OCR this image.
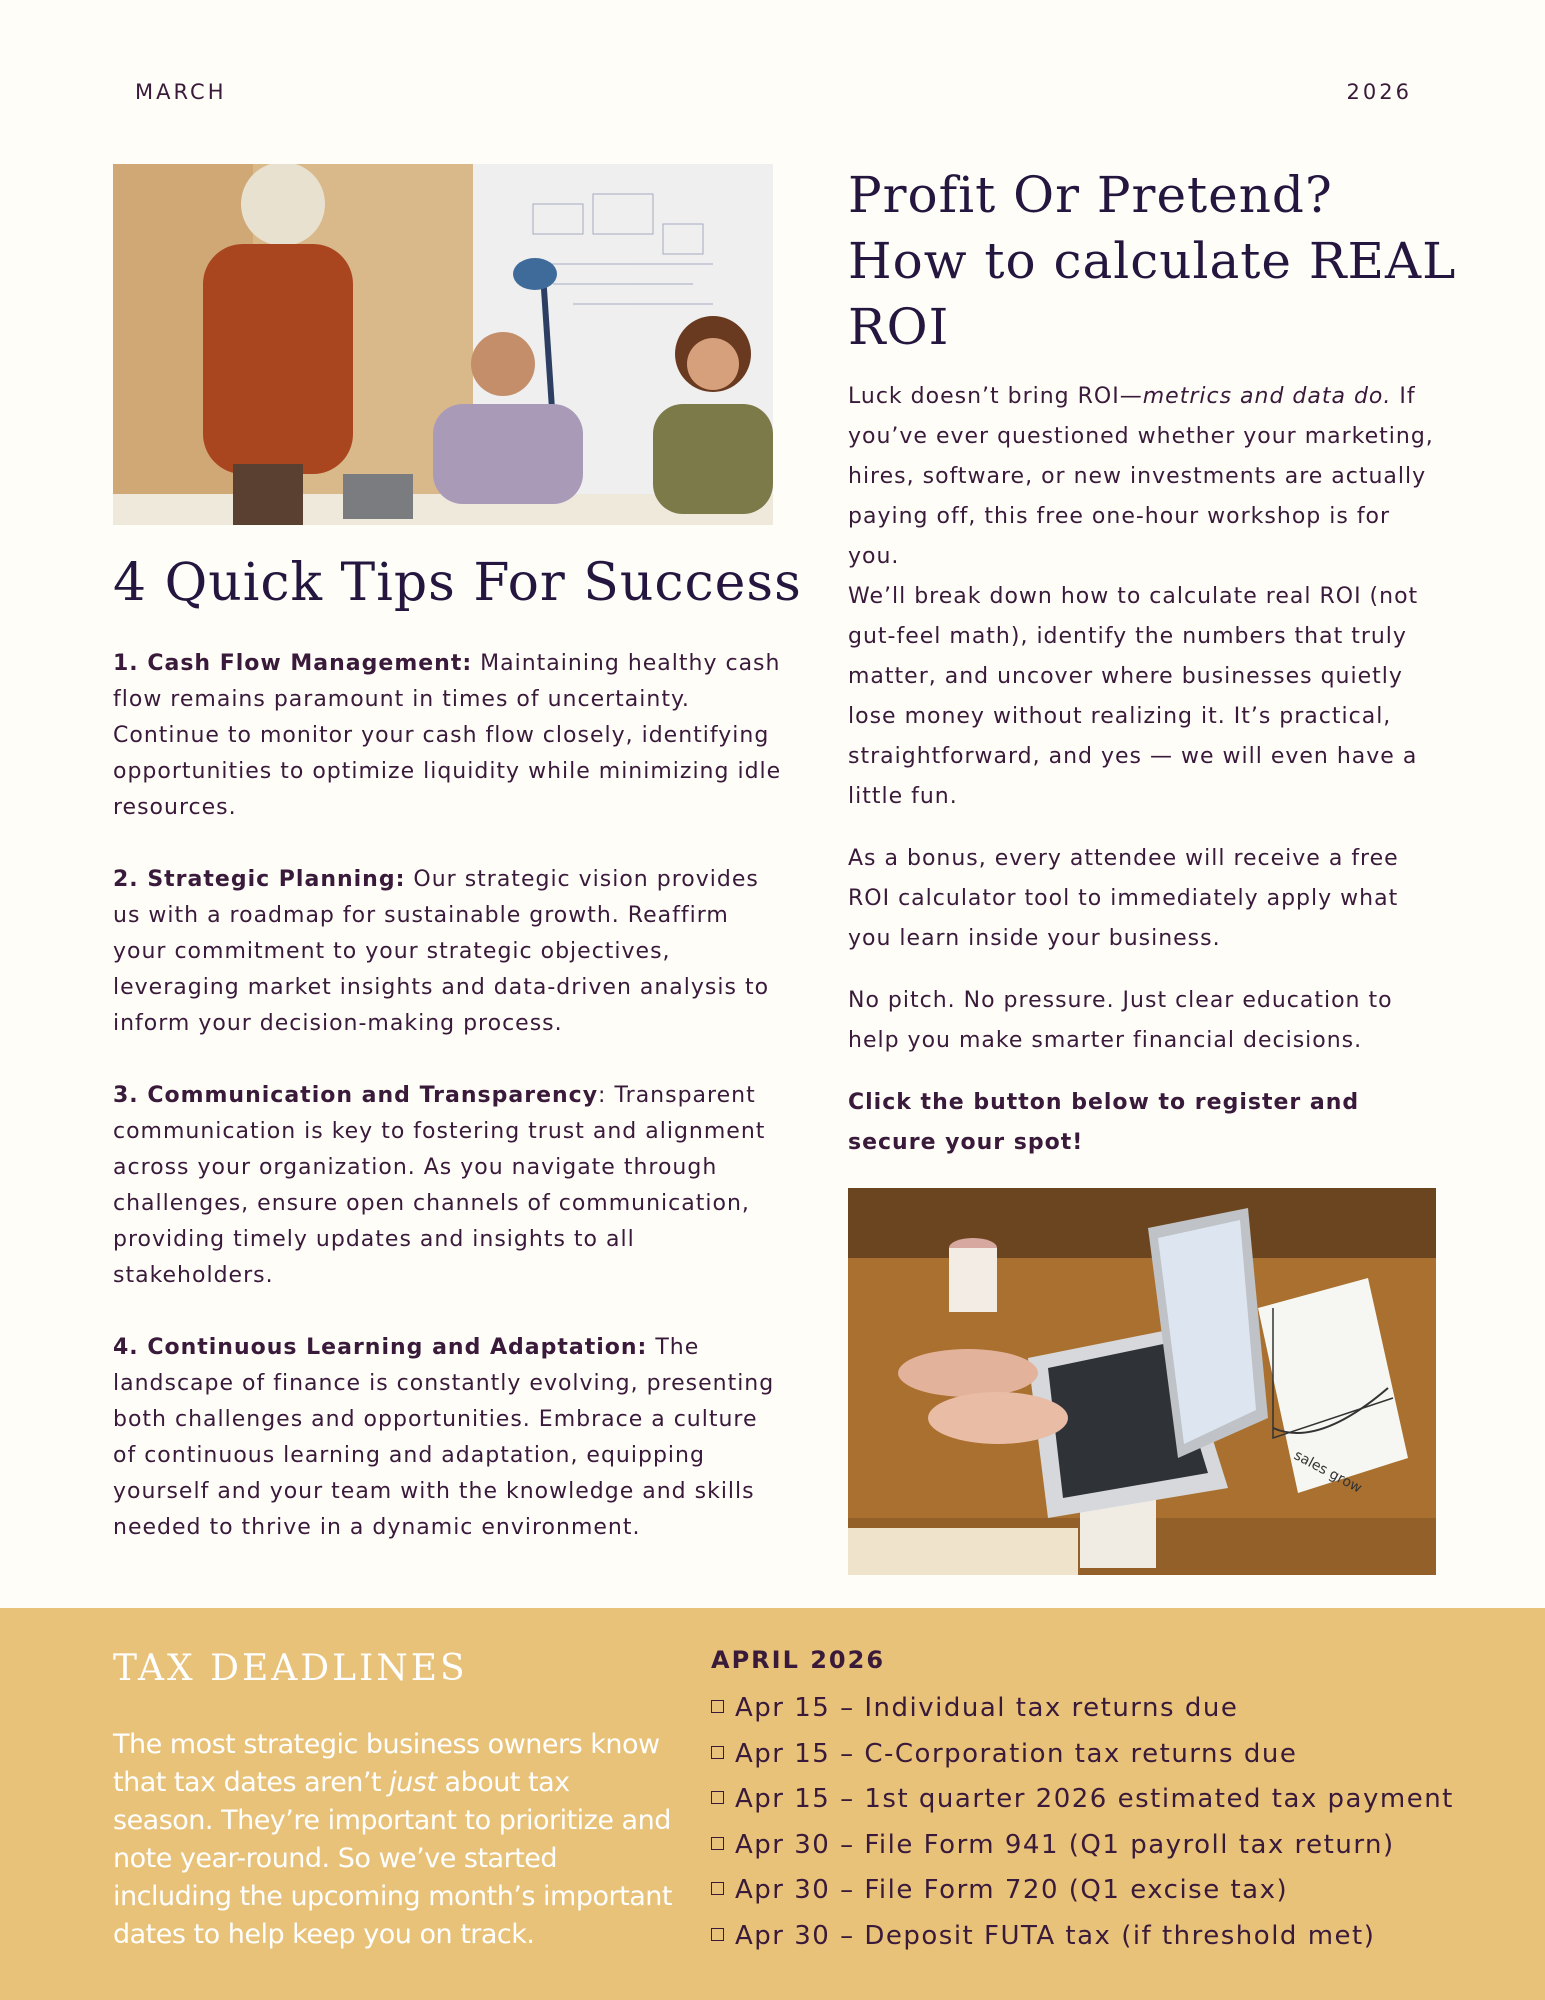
MARCH	2026
4 Quick Tips For Success
1. Cash Flow Management: Maintaining healthy cash flow remains paramount in times of uncertainty. Continue to monitor your cash flow closely, identifying opportunities to optimize liquidity while minimizing idle resources.
2. Strategic Planning: Our strategic vision provides us with a roadmap for sustainable growth. Reaffirm your commitment to your strategic objectives, leveraging market insights and data-driven analysis to inform your decision-making process.
3. Communication and Transparency: Transparent communication is key to fostering trust and alignment across your organization. As you navigate through challenges, ensure open channels of communication, providing timely updates and insights to all stakeholders.
4. Continuous Learning and Adaptation: The landscape of finance is constantly evolving, presenting both challenges and opportunities. Embrace a culture of continuous learning and adaptation, equipping yourself and your team with the knowledge and skills needed to thrive in a dynamic environment.
Profit Or Pretend? How to calculate REAL ROI

Luck doesn’t bring ROI—metrics and data do. If you’ve ever questioned whether your marketing, hires, software, or new investments are actually paying off, this free one-hour workshop is for you.

We’ll break down how to calculate real ROI (not gut-feel math), identify the numbers that truly matter, and uncover where businesses quietly lose money without realizing it. It’s practical, straightforward, and yes — we will even have a little fun.

As a bonus, every attendee will receive a free ROI calculator tool to immediately apply what you learn inside your business.

No pitch. No pressure. Just clear education to help you make smarter financial decisions.

Click the button below to register and secure your spot!

sales grow
TAX DEADLINES
The most strategic business owners know that tax dates aren’t just about tax season. They’re important to prioritize and note year-round. So we’ve started including the upcoming month’s important dates to help keep you on track.
APRIL 2026
Apr 15 – Individual tax returns due
Apr 15 – C-Corporation tax returns due
Apr 15 – 1st quarter 2026 estimated tax payment
Apr 30 – File Form 941 (Q1 payroll tax return)
Apr 30 – File Form 720 (Q1 excise tax)
Apr 30 – Deposit FUTA tax (if threshold met)
